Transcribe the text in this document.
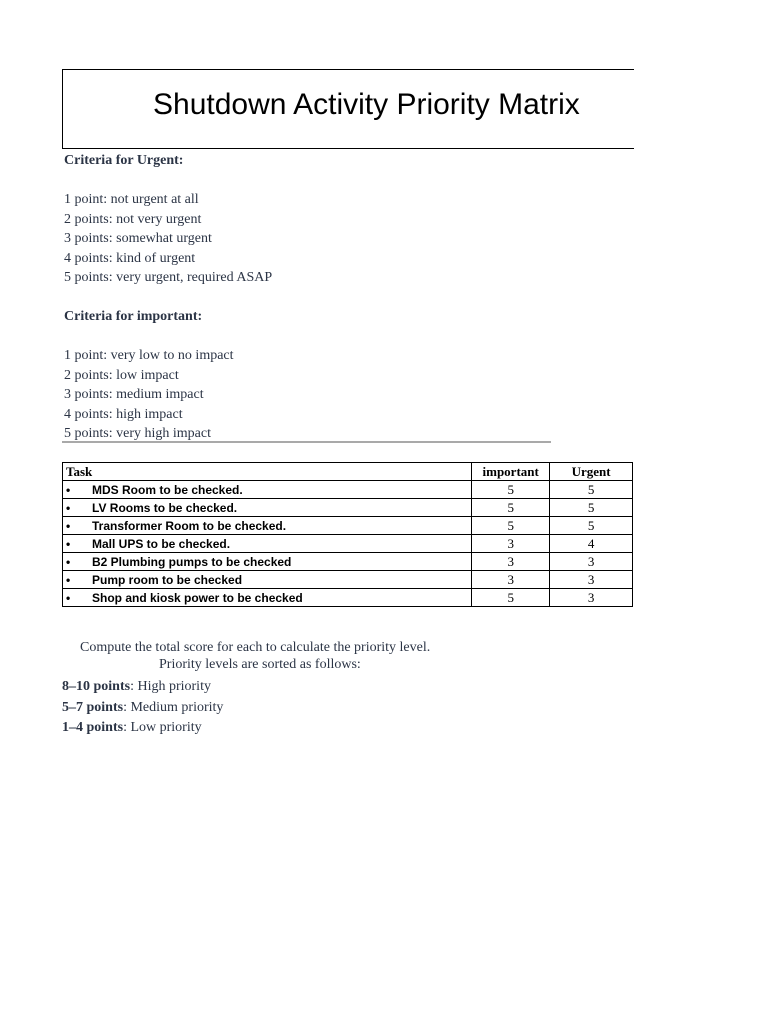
Shutdown Activity Priority Matrix
Criteria for Urgent:

1 point: not urgent at all
2 points: not very urgent
3 points: somewhat urgent
4 points: kind of urgent
5 points: very urgent, required ASAP
Criteria for important:

1 point: very low to no impact
2 points: low impact
3 points: medium impact
4 points: high impact
5 points: very high impact
Task	important	Urgent
• MDS Room to be checked.	5	5
• LV Rooms to be checked.	5	5
• Transformer Room to be checked.	5	5
• Mall UPS to be checked.	3	4
• B2 Plumbing pumps to be checked	3	3
• Pump room to be checked	3	3
• Shop and kiosk power to be checked	5	3
Compute the total score for each to calculate the priority level.
Priority levels are sorted as follows:
8–10 points: High priority
5–7 points: Medium priority
1–4 points: Low priority
